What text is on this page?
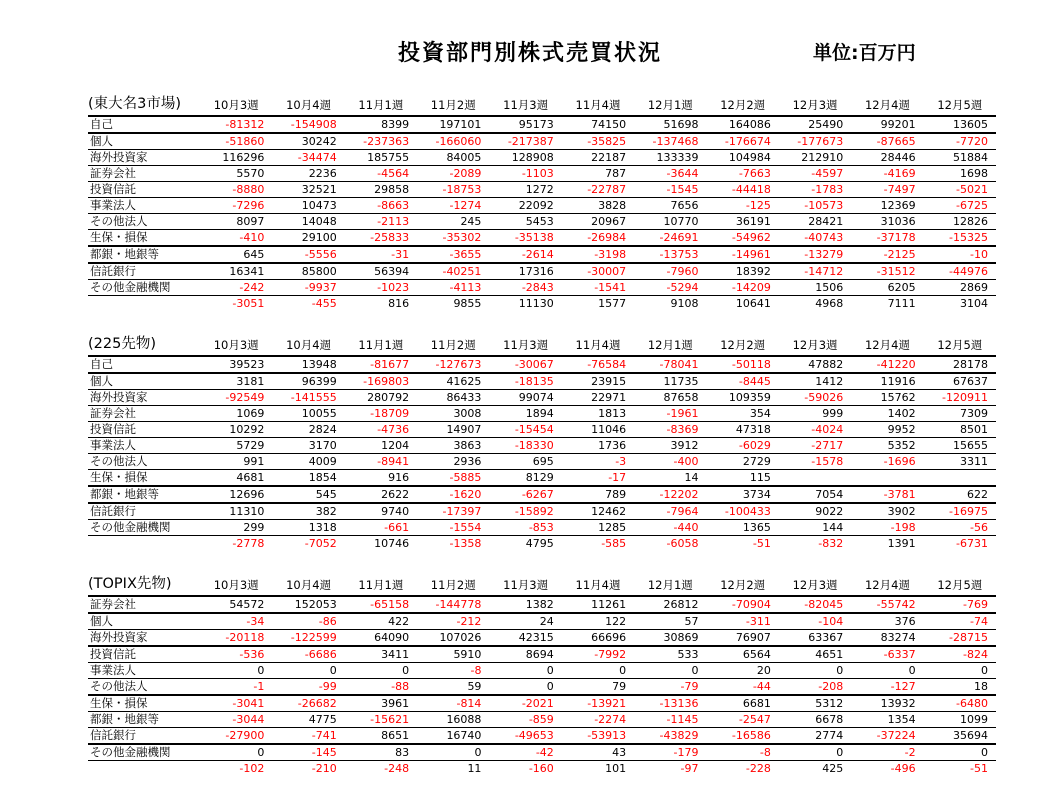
投資部門別株式売買状況	単位:百万円
(東大名3市場)	10月3週	10月4週	11月1週	11月2週	11月3週	11月4週	12月1週	12月2週	12月3週	12月4週	12月5週
自己	-81312	-154908	8399	197101	95173	74150	51698	164086	25490	99201	13605
個人	-51860	30242	-237363	-166060	-217387	-35825	-137468	-176674	-177673	-87665	-7720
海外投資家	116296	-34474	185755	84005	128908	22187	133339	104984	212910	28446	51884
証券会社	5570	2236	-4564	-2089	-1103	787	-3644	-7663	-4597	-4169	1698
投資信託	-8880	32521	29858	-18753	1272	-22787	-1545	-44418	-1783	-7497	-5021
事業法人	-7296	10473	-8663	-1274	22092	3828	7656	-125	-10573	12369	-6725
その他法人	8097	14048	-2113	245	5453	20967	10770	36191	28421	31036	12826
生保・損保	-410	29100	-25833	-35302	-35138	-26984	-24691	-54962	-40743	-37178	-15325
都銀・地銀等	645	-5556	-31	-3655	-2614	-3198	-13753	-14961	-13279	-2125	-10
信託銀行	16341	85800	56394	-40251	17316	-30007	-7960	18392	-14712	-31512	-44976
その他金融機関	-242	-9937	-1023	-4113	-2843	-1541	-5294	-14209	1506	6205	2869
	-3051	-455	816	9855	11130	1577	9108	10641	4968	7111	3104
(225先物)	10月3週	10月4週	11月1週	11月2週	11月3週	11月4週	12月1週	12月2週	12月3週	12月4週	12月5週
自己	39523	13948	-81677	-127673	-30067	-76584	-78041	-50118	47882	-41220	28178
個人	3181	96399	-169803	41625	-18135	23915	11735	-8445	1412	11916	67637
海外投資家	-92549	-141555	280792	86433	99074	22971	87658	109359	-59026	15762	-120911
証券会社	1069	10055	-18709	3008	1894	1813	-1961	354	999	1402	7309
投資信託	10292	2824	-4736	14907	-15454	11046	-8369	47318	-4024	9952	8501
事業法人	5729	3170	1204	3863	-18330	1736	3912	-6029	-2717	5352	15655
その他法人	991	4009	-8941	2936	695	-3	-400	2729	-1578	-1696	3311
生保・損保	4681	1854	916	-5885	8129	-17	14	115			
都銀・地銀等	12696	545	2622	-1620	-6267	789	-12202	3734	7054	-3781	622
信託銀行	11310	382	9740	-17397	-15892	12462	-7964	-100433	9022	3902	-16975
その他金融機関	299	1318	-661	-1554	-853	1285	-440	1365	144	-198	-56
	-2778	-7052	10746	-1358	4795	-585	-6058	-51	-832	1391	-6731
(TOPIX先物)	10月3週	10月4週	11月1週	11月2週	11月3週	11月4週	12月1週	12月2週	12月3週	12月4週	12月5週
証券会社	54572	152053	-65158	-144778	1382	11261	26812	-70904	-82045	-55742	-769
個人	-34	-86	422	-212	24	122	57	-311	-104	376	-74
海外投資家	-20118	-122599	64090	107026	42315	66696	30869	76907	63367	83274	-28715
投資信託	-536	-6686	3411	5910	8694	-7992	533	6564	4651	-6337	-824
事業法人	0	0	0	-8	0	0	0	20	0	0	0
その他法人	-1	-99	-88	59	0	79	-79	-44	-208	-127	18
生保・損保	-3041	-26682	3961	-814	-2021	-13921	-13136	6681	5312	13932	-6480
都銀・地銀等	-3044	4775	-15621	16088	-859	-2274	-1145	-2547	6678	1354	1099
信託銀行	-27900	-741	8651	16740	-49653	-53913	-43829	-16586	2774	-37224	35694
その他金融機関	0	-145	83	0	-42	43	-179	-8	0	-2	0
	-102	-210	-248	11	-160	101	-97	-228	425	-496	-51
